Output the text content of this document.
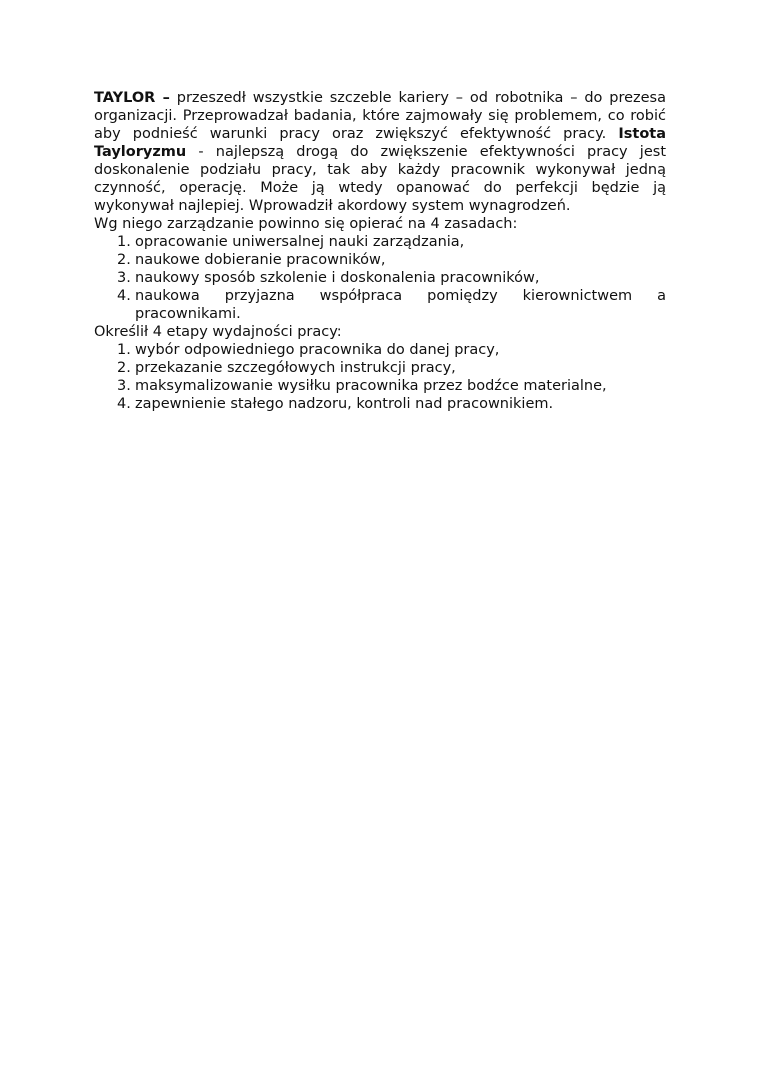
TAYLOR – przeszedł wszystkie szczeble kariery – od robotnika – do prezesa organizacji. Przeprowadzał badania, które zajmowały się problemem, co robić aby podnieść warunki pracy oraz zwiększyć efektywność pracy. Istota Tayloryzmu - najlepszą drogą do zwiększenie efektywności pracy jest doskonalenie podziału pracy, tak aby każdy pracownik wykonywał jedną czynność, operację. Może ją wtedy opanować do perfekcji będzie ją wykonywał najlepiej. Wprowadził akordowy system wynagrodzeń.

Wg niego zarządzanie powinno się opierać na 4 zasadach:

1. opracowanie uniwersalnej nauki zarządzania,
2. naukowe dobieranie pracowników,
3. naukowy sposób szkolenie i doskonalenia pracowników,
4. naukowa przyjazna współpraca pomiędzy kierownictwem a pracownikami.

Określił 4 etapy wydajności pracy:

1. wybór odpowiedniego pracownika do danej pracy,
2. przekazanie szczegółowych instrukcji pracy,
3. maksymalizowanie wysiłku pracownika przez bodźce materialne,
4. zapewnienie stałego nadzoru, kontroli nad pracownikiem.
